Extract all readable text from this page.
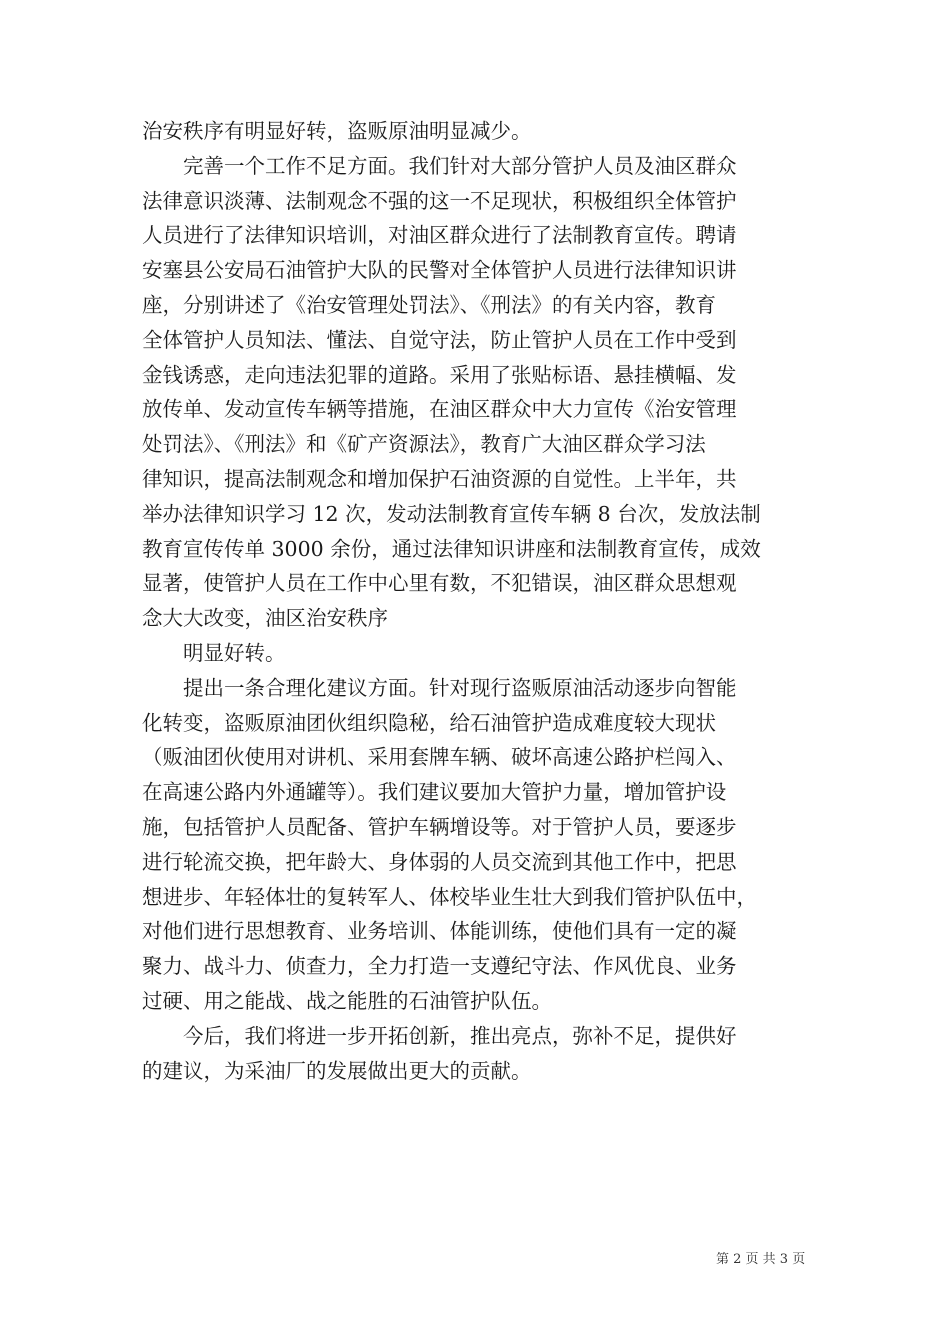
治安秩序有明显好转，盗贩原油明显减少。
完善一个工作不足方面。我们针对大部分管护人员及油区群众
法律意识淡薄、法制观念不强的这一不足现状，积极组织全体管护
人员进行了法律知识培训，对油区群众进行了法制教育宣传。聘请
安塞县公安局石油管护大队的民警对全体管护人员进行法律知识讲
座，分别讲述了《治安管理处罚法》、《刑法》的有关内容，教育
全体管护人员知法、懂法、自觉守法，防止管护人员在工作中受到
金钱诱惑，走向违法犯罪的道路。采用了张贴标语、悬挂横幅、发
放传单、发动宣传车辆等措施，在油区群众中大力宣传《治安管理
处罚法》、《刑法》和《矿产资源法》，教育广大油区群众学习法
律知识，提高法制观念和增加保护石油资源的自觉性。上半年，共
举办法律知识学习 12 次，发动法制教育宣传车辆 8 台次，发放法制
教育宣传传单 3000 余份，通过法律知识讲座和法制教育宣传，成效
显著，使管护人员在工作中心里有数，不犯错误，油区群众思想观
念大大改变，油区治安秩序
明显好转。
提出一条合理化建议方面。针对现行盗贩原油活动逐步向智能
化转变，盗贩原油团伙组织隐秘，给石油管护造成难度较大现状
（贩油团伙使用对讲机、采用套牌车辆、破坏高速公路护栏闯入、
在高速公路内外通罐等）。我们建议要加大管护力量，增加管护设
施，包括管护人员配备、管护车辆增设等。对于管护人员，要逐步
进行轮流交换，把年龄大、身体弱的人员交流到其他工作中，把思
想进步、年轻体壮的复转军人、体校毕业生壮大到我们管护队伍中，
对他们进行思想教育、业务培训、体能训练，使他们具有一定的凝
聚力、战斗力、侦查力，全力打造一支遵纪守法、作风优良、业务
过硬、用之能战、战之能胜的石油管护队伍。
今后，我们将进一步开拓创新，推出亮点，弥补不足，提供好
的建议，为采油厂的发展做出更大的贡献。
第 2 页 共 3 页
